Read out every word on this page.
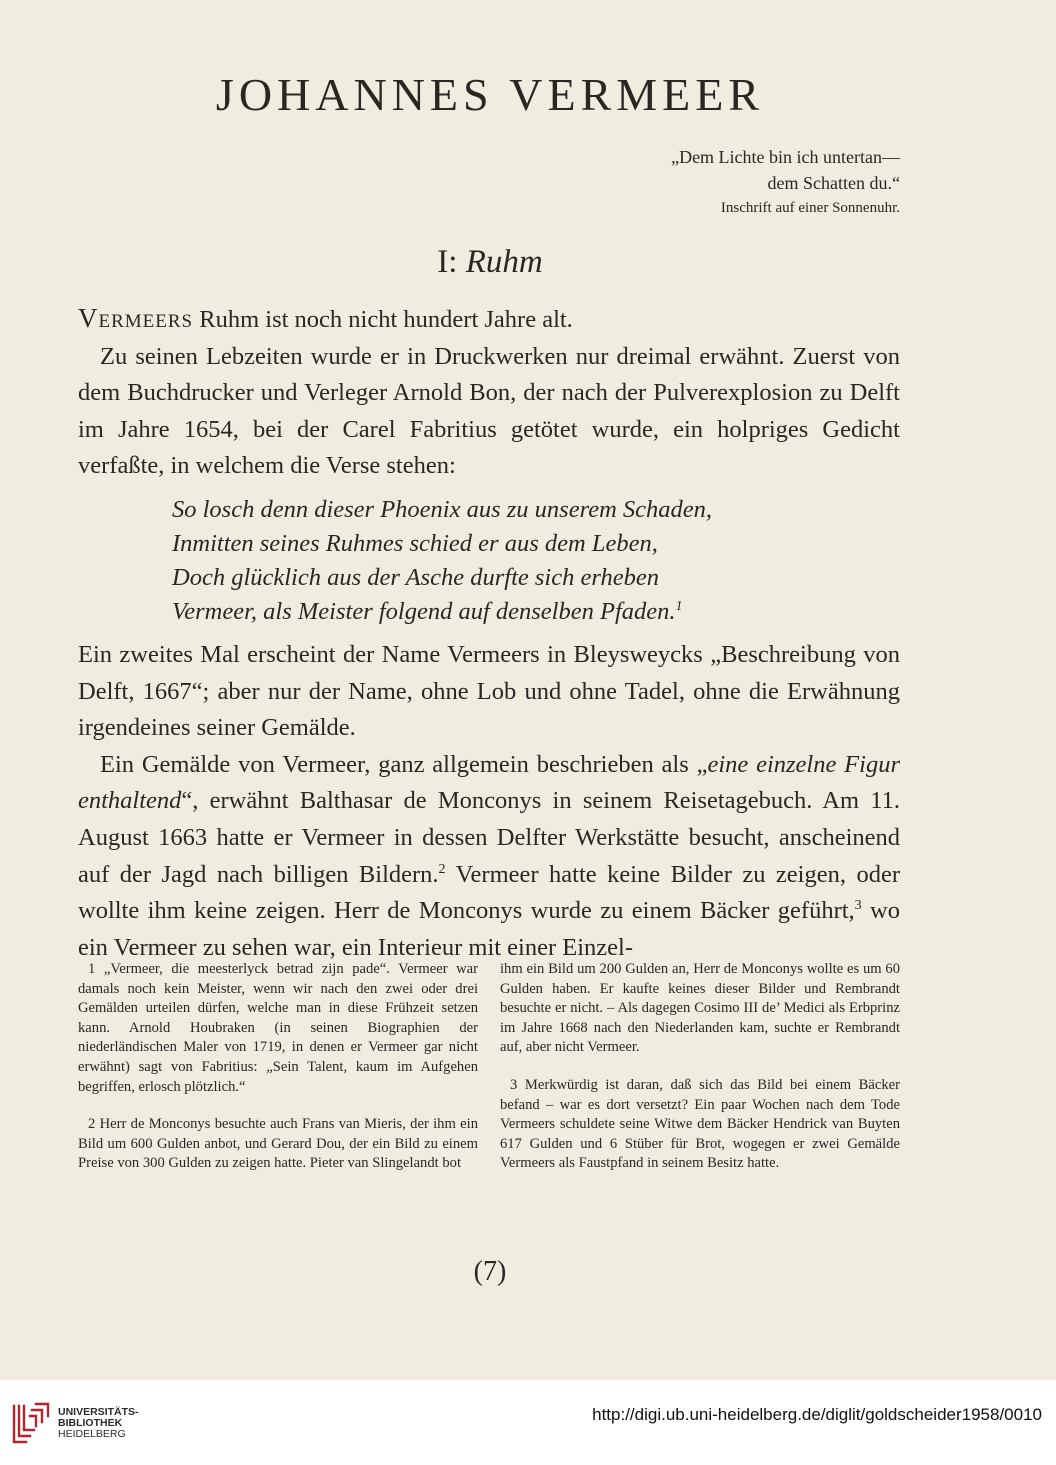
JOHANNES VERMEER
„Dem Lichte bin ich untertan—
dem Schatten du.“
Inschrift auf einer Sonnenuhr.
I: Ruhm

Vermeers Ruhm ist noch nicht hundert Jahre alt.

Zu seinen Lebzeiten wurde er in Druckwerken nur dreimal erwähnt. Zuerst von dem Buchdrucker und Verleger Arnold Bon, der nach der Pulverexplosion zu Delft im Jahre 1654, bei der Carel Fabritius getötet wurde, ein holpriges Gedicht verfaßte, in welchem die Verse stehen:

So losch denn dieser Phoenix aus zu unserem Schaden,
Inmitten seines Ruhmes schied er aus dem Leben,
Doch glücklich aus der Asche durfte sich erheben
Vermeer, als Meister folgend auf denselben Pfaden.$^1$

Ein zweites Mal erscheint der Name Vermeers in Bleysweycks „Beschreibung von Delft, 1667“; aber nur der Name, ohne Lob und ohne Tadel, ohne die Erwähnung irgendeines seiner Gemälde.

Ein Gemälde von Vermeer, ganz allgemein beschrieben als „eine einzelne Figur enthaltend“, erwähnt Balthasar de Monconys in seinem Reisetagebuch. Am 11. August 1663 hatte er Vermeer in dessen Delfter Werkstätte besucht, anscheinend auf der Jagd nach billigen Bildern.$^2$ Vermeer hatte keine Bilder zu zeigen, oder wollte ihm keine zeigen. Herr de Monconys wurde zu einem Bäcker geführt,$^3$ wo ein Vermeer zu sehen war, ein Interieur mit einer Einzel-

1 „Vermeer, die meesterlyck betrad zijn pade“. Vermeer war damals noch kein Meister, wenn wir nach den zwei oder drei Gemälden urteilen dürfen, welche man in diese Frühzeit setzen kann. Arnold Houbraken (in seinen Biographien der niederländischen Maler von 1719, in denen er Vermeer gar nicht erwähnt) sagt von Fabritius: „Sein Talent, kaum im Aufgehen begriffen, erlosch plötzlich.“

2 Herr de Monconys besuchte auch Frans van Mieris, der ihm ein Bild um 600 Gulden anbot, und Gerard Dou, der ein Bild zu einem Preise von 300 Gulden zu zeigen hatte. Pieter van Slingelandt bot

ihm ein Bild um 200 Gulden an, Herr de Monconys wollte es um 60 Gulden haben. Er kaufte keines dieser Bilder und Rembrandt besuchte er nicht. – Als dagegen Cosimo III de’ Medici als Erbprinz im Jahre 1668 nach den Niederlanden kam, suchte er Rembrandt auf, aber nicht Vermeer.

3 Merkwürdig ist daran, daß sich das Bild bei einem Bäcker befand – war es dort versetzt? Ein paar Wochen nach dem Tode Vermeers schuldete seine Witwe dem Bäcker Hendrick van Buyten 617 Gulden und 6 Stüber für Brot, wogegen er zwei Gemälde Vermeers als Faustpfand in seinem Besitz hatte.

(7)
UNIVERSITÄTS-
BIBLIOTHEK
HEIDELBERG
http://digi.ub.uni-heidelberg.de/diglit/goldscheider1958/0010
